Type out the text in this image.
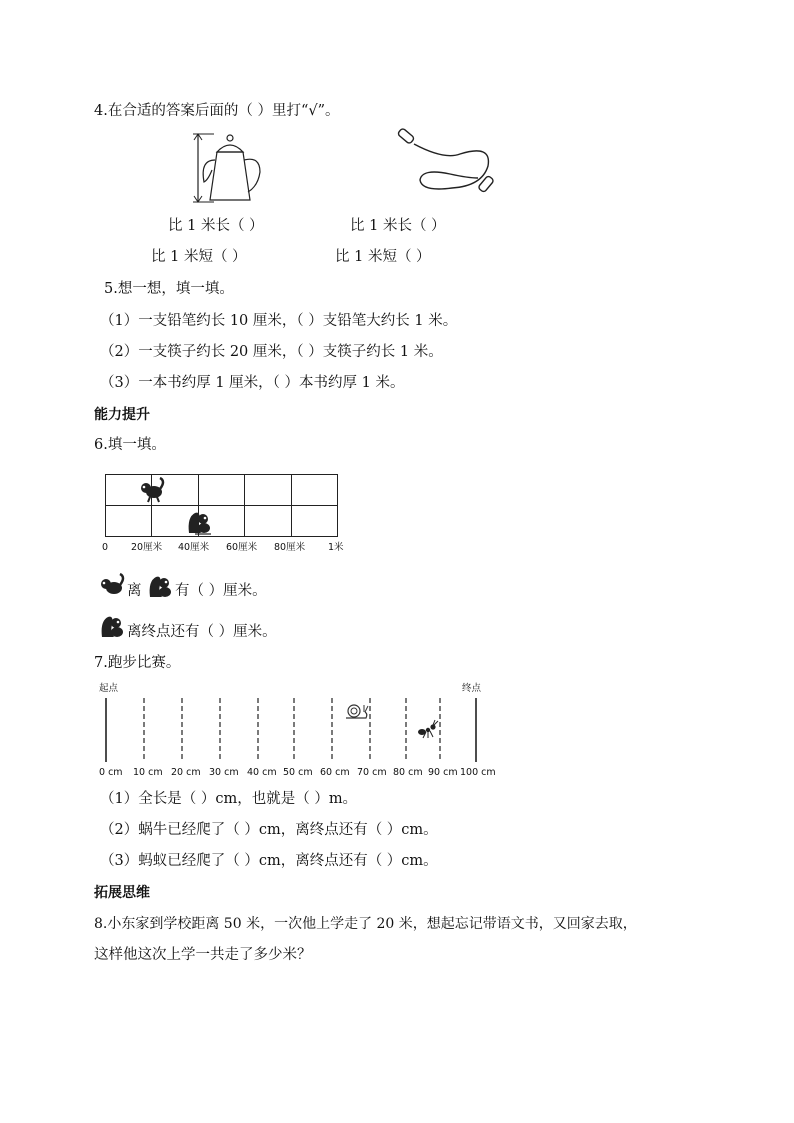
4.在合适的答案后面的（ ）里打“√”。
比 1 米长（ ）	比 1 米长（ ）
比 1 米短（ ）	比 1 米短（ ）
5.想一想，填一填。
（1）一支铅笔约长 10 厘米，（ ）支铅笔大约长 1 米。
（2）一支筷子约长 20 厘米，（ ）支筷子约长 1 米。
（3）一本书约厚 1 厘米，（ ）本书约厚 1 米。
能力提升
6.填一填。
0 20厘米 40厘米 60厘米 80厘米 1米
离 有（ ）厘米。
离终点还有（ ）厘米。
7.跑步比赛。
起点	终点
0 cm 10 cm 20 cm 30 cm 40 cm 50 cm 60 cm 70 cm 80 cm 90 cm 100 cm
（1）全长是（ ）cm，也就是（ ）m。
（2）蜗牛已经爬了（ ）cm，离终点还有（ ）cm。
（3）蚂蚁已经爬了（ ）cm，离终点还有（ ）cm。
拓展思维
8.小东家到学校距离 50 米，一次他上学走了 20 米，想起忘记带语文书，又回家去取，
这样他这次上学一共走了多少米？
